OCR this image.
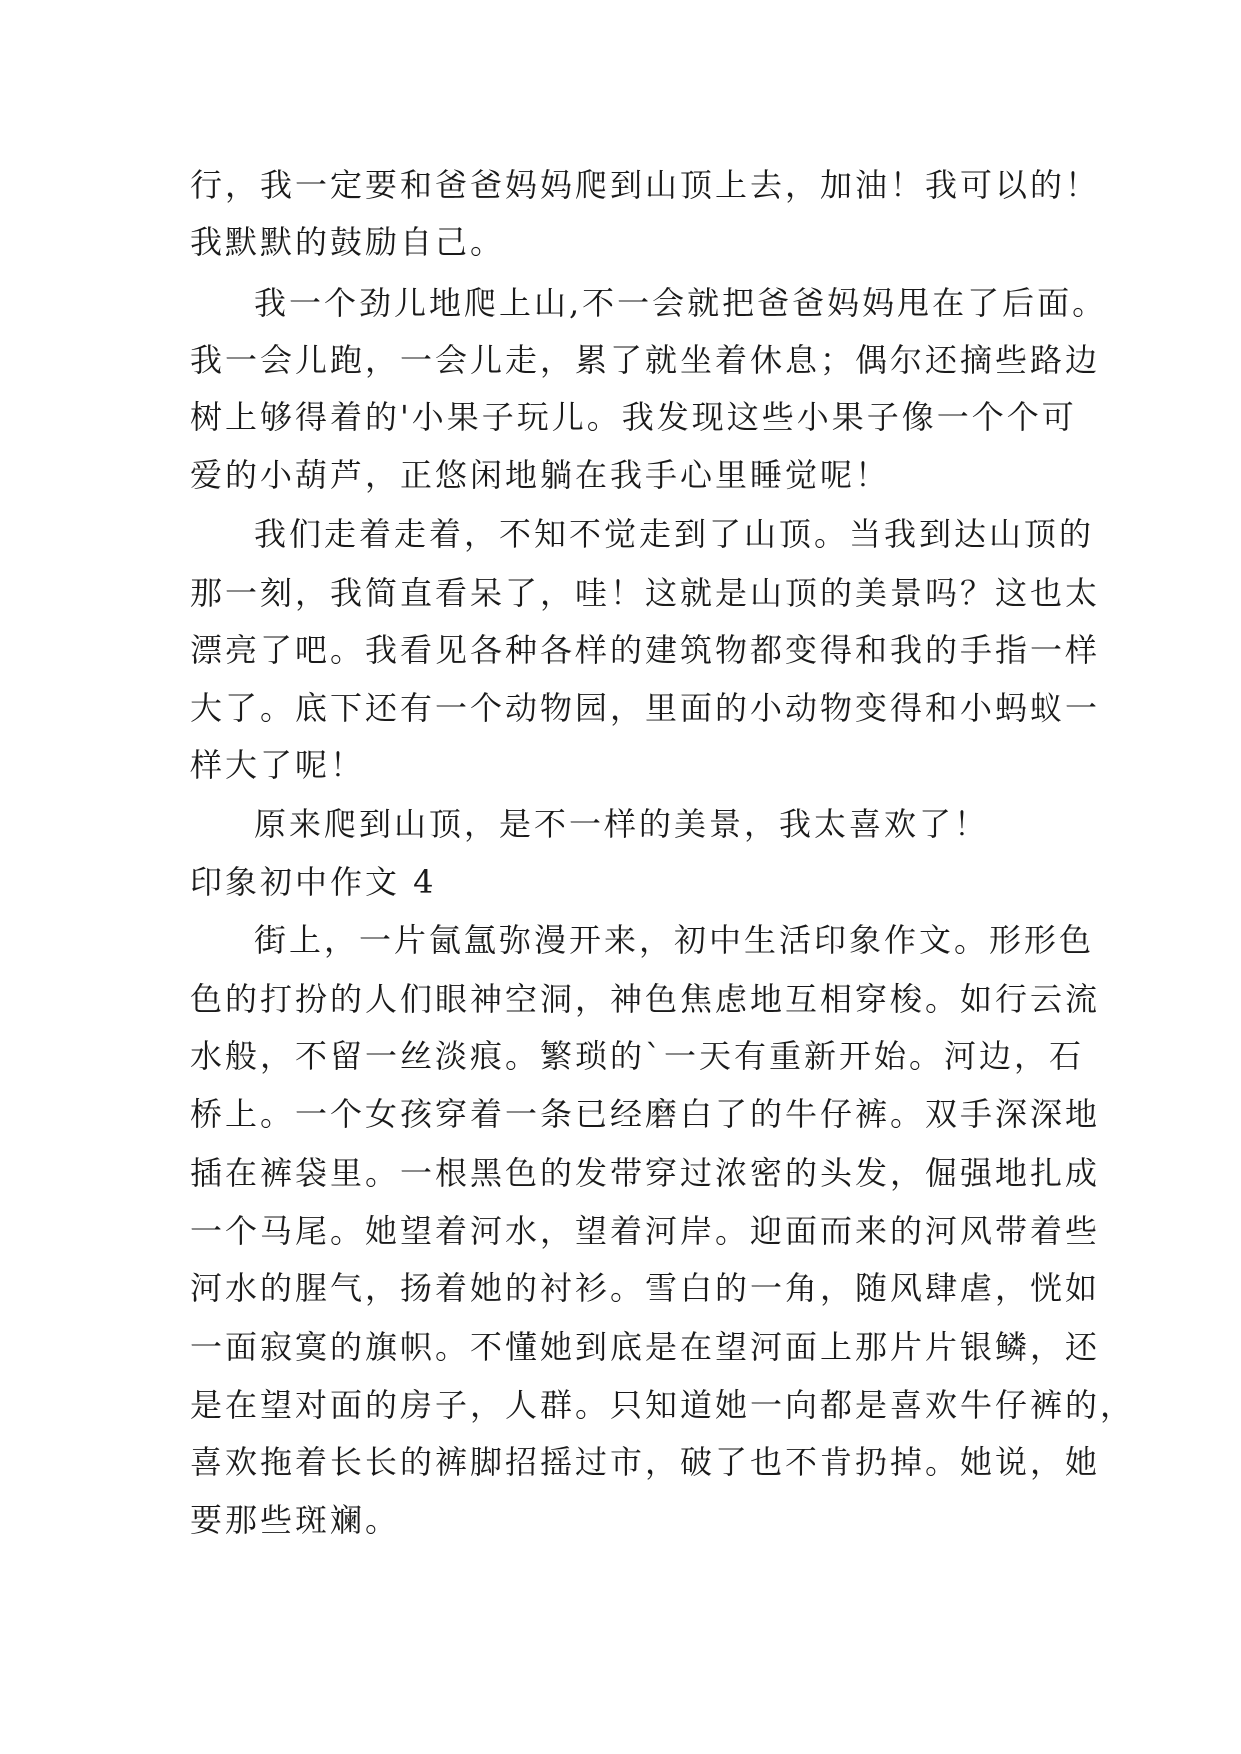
行，我一定要和爸爸妈妈爬到山顶上去，加油！我可以的！
我默默的鼓励自己。
我一个劲儿地爬上山,不一会就把爸爸妈妈甩在了后面。
我一会儿跑，一会儿走，累了就坐着休息；偶尔还摘些路边
树上够得着的'小果子玩儿。我发现这些小果子像一个个可
爱的小葫芦，正悠闲地躺在我手心里睡觉呢！
我们走着走着，不知不觉走到了山顶。当我到达山顶的
那一刻，我简直看呆了，哇！这就是山顶的美景吗？这也太
漂亮了吧。我看见各种各样的建筑物都变得和我的手指一样
大了。底下还有一个动物园，里面的小动物变得和小蚂蚁一
样大了呢！
原来爬到山顶，是不一样的美景，我太喜欢了！
印象初中作文 4
街上，一片氤氲弥漫开来，初中生活印象作文。形形色
色的打扮的人们眼神空洞，神色焦虑地互相穿梭。如行云流
水般，不留一丝淡痕。繁琐的`一天有重新开始。河边，石
桥上。一个女孩穿着一条已经磨白了的牛仔裤。双手深深地
插在裤袋里。一根黑色的发带穿过浓密的头发，倔强地扎成
一个马尾。她望着河水，望着河岸。迎面而来的河风带着些
河水的腥气，扬着她的衬衫。雪白的一角，随风肆虐，恍如
一面寂寞的旗帜。不懂她到底是在望河面上那片片银鳞，还
是在望对面的房子，人群。只知道她一向都是喜欢牛仔裤的，
喜欢拖着长长的裤脚招摇过市，破了也不肯扔掉。她说，她
要那些斑斓。
